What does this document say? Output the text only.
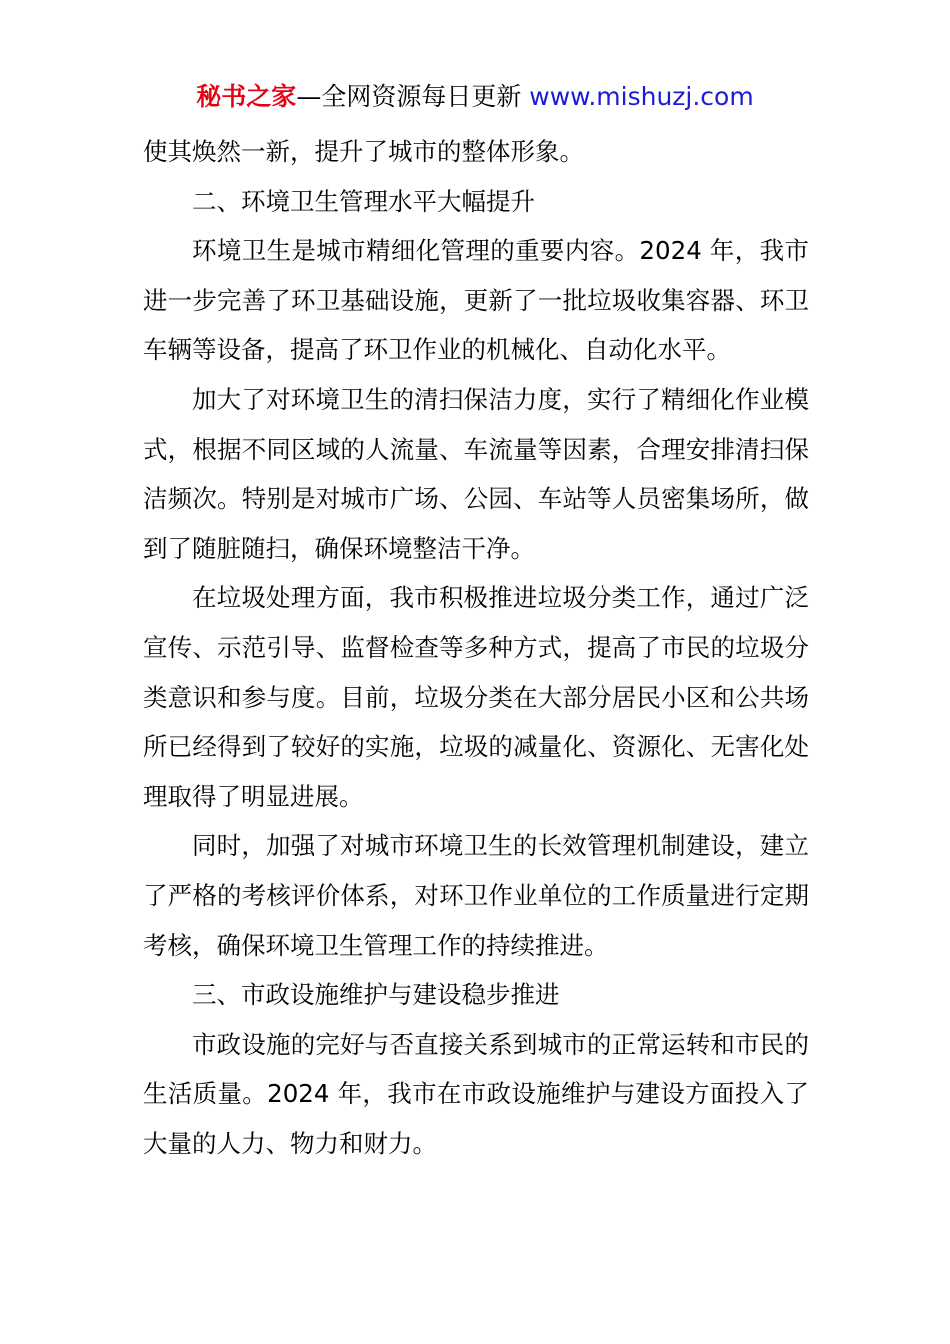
秘书之家—全网资源每日更新 www.mishuzj.com

使其焕然一新，提升了城市的整体形象。

二、环境卫生管理水平大幅提升

环境卫生是城市精细化管理的重要内容。2024 年，我市进一步完善了环卫基础设施，更新了一批垃圾收集容器、环卫车辆等设备，提高了环卫作业的机械化、自动化水平。

加大了对环境卫生的清扫保洁力度，实行了精细化作业模式，根据不同区域的人流量、车流量等因素，合理安排清扫保洁频次。特别是对城市广场、公园、车站等人员密集场所，做到了随脏随扫，确保环境整洁干净。

在垃圾处理方面，我市积极推进垃圾分类工作，通过广泛宣传、示范引导、监督检查等多种方式，提高了市民的垃圾分类意识和参与度。目前，垃圾分类在大部分居民小区和公共场所已经得到了较好的实施，垃圾的减量化、资源化、无害化处理取得了明显进展。

同时，加强了对城市环境卫生的长效管理机制建设，建立了严格的考核评价体系，对环卫作业单位的工作质量进行定期考核，确保环境卫生管理工作的持续推进。

三、市政设施维护与建设稳步推进

市政设施的完好与否直接关系到城市的正常运转和市民的生活质量。2024 年，我市在市政设施维护与建设方面投入了大量的人力、物力和财力。
